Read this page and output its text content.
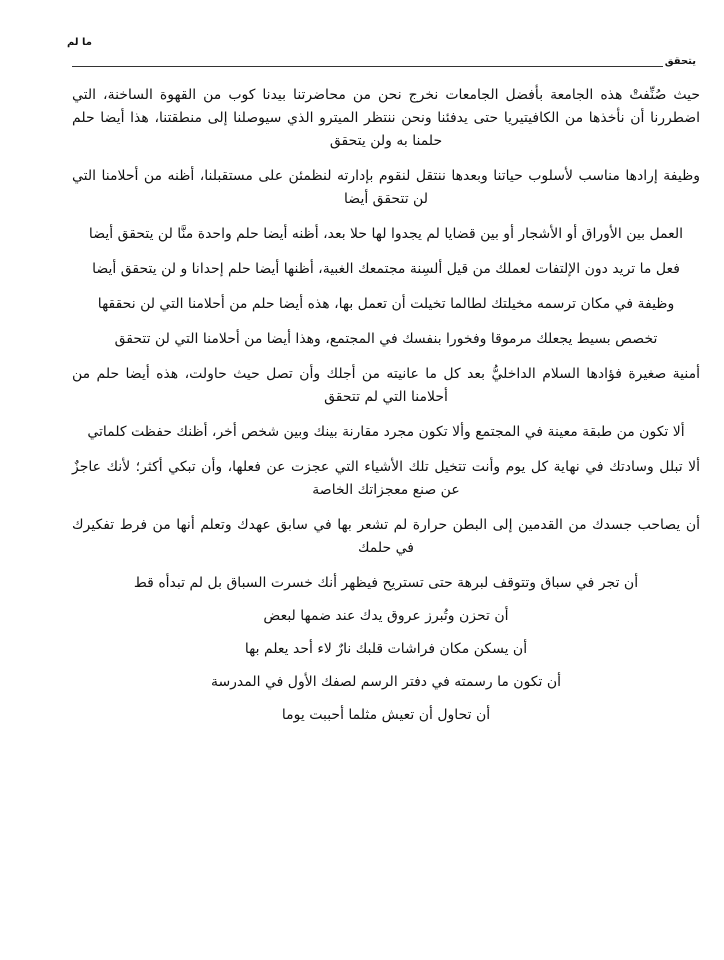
ما لم
يتحقق

حيث صُنِّفتْ هذه الجامعة بأفضل الجامعات نخرج نحن من محاضرتنا بيدنا كوب من القهوة الساخنة، التي اضطررنا أن نأخذها من الكافيتيريا حتى يدفئنا ونحن ننتظر الميترو الذي سيوصلنا إلى منطقتنا، هذا أيضا حلم حلمنا به ولن يتحقق

وظيفة إرادها مناسب لأسلوب حياتنا وبعدها ننتقل لنقوم بإدارته لنظمئن على مستقبلنا، أظنه من أحلامنا التي لن تتحقق أيضا

العمل بين الأوراق أو الأشجار أو بين قضايا لم يجدوا لها حلا بعد، أظنه أيضا حلم واحدة منَّا لن يتحقق أيضا

فعل ما تريد دون الإلتفات لعملك من قيل ألسِنة مجتمعك الغبية، أظنها أيضا حلم إحدانا و لن يتحقق أيضا

وظيفة في مكان ترسمه مخيلتك لطالما تخيلت أن تعمل بها، هذه أيضا حلم من أحلامنا التي لن نحققها

تخصص بسيط يجعلك مرموقا وفخورا بنفسك في المجتمع، وهذا أيضا من أحلامنا التي لن تتحقق

أمنية صغيرة فؤادها السلام الداخليُّ بعد كل ما عانيته من أجلك وأن تصل حيث حاولت، هذه أيضا حلم من أحلامنا التي لم تتحقق

ألا تكون من طبقة معينة في المجتمع وألا تكون مجرد مقارنة بينك وبين شخص أخر، أظنك حفظت كلماتي

ألا تبلل وسادتك في نهاية كل يوم وأنت تتخيل تلك الأشياء التي عجزت عن فعلها، وأن تبكي أكثر؛ لأنك عاجزٌ عن صنع معجزاتك الخاصة

أن يصاحب جسدك من القدمين إلى البطن حرارة لم تشعر بها في سابق عهدك وتعلم أنها من فرط تفكيرك في حلمك

أن تجر في سباق وتتوقف لبرهة حتى تستريح فيظهر أنك خسرت السباق بل لم تبدأه قط

أن تحزن وتُبرز عروق يدك عند ضمها لبعض

أن يسكن مكان فراشات قلبك نارٌ لاء أحد يعلم بها

أن تكون ما رسمته في دفتر الرسم لصفك الأول في المدرسة

أن تحاول أن تعيش مثلما أحببت يوما
